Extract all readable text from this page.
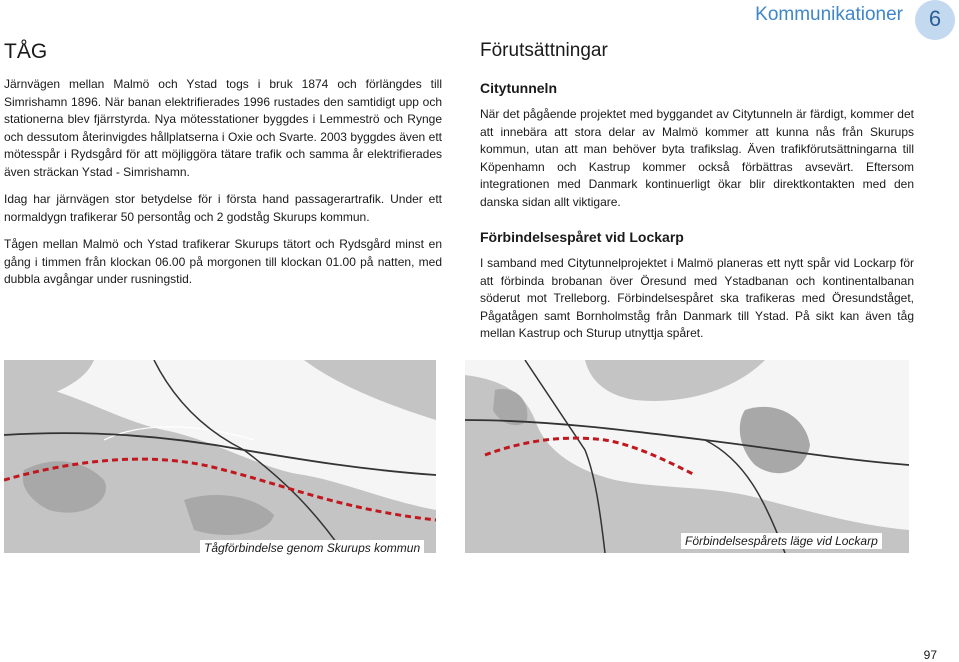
Kommunikationer	6
TÅG

Järnvägen mellan Malmö och Ystad togs i bruk 1874 och förlängdes till Simrishamn 1896. När banan elektrifierades 1996 rustades den samtidigt upp och stationerna blev fjärrstyrda. Nya mötesstationer byggdes i Lemmeströ och Rynge och dessutom återinvigdes hållplatserna i Oxie och Svarte. 2003 byggdes även ett mötesspår i Rydsgård för att möjliggöra tätare trafik och samma år elektrifierades även sträckan Ystad - Simrishamn.

Idag har järnvägen stor betydelse för i första hand passagerartrafik. Under ett normaldygn trafikerar 50 persontåg och 2 godståg Skurups kommun.

Tågen mellan Malmö och Ystad trafikerar Skurups tätort och Rydsgård minst en gång i timmen från klockan 06.00 på morgonen till klockan 01.00 på natten, med dubbla avgångar under rusningstid.

Förutsättningar
Citytunneln

När det pågående projektet med byggandet av Citytunneln är färdigt, kommer det att innebära att stora delar av Malmö kommer att kunna nås från Skurups kommun, utan att man behöver byta trafikslag. Även trafikförutsättningarna till Köpenhamn och Kastrup kommer också förbättras avsevärt. Eftersom integrationen med Danmark kontinuerligt ökar blir direktkontakten med den danska sidan allt viktigare.

Förbindelsespåret vid Lockarp

I samband med Citytunnelprojektet i Malmö planeras ett nytt spår vid Lockarp för att förbinda brobanan över Öresund med Ystadbanan och kontinentalbanan söderut mot Trelleborg. Förbindelsespåret ska trafikeras med Öresundståget, Pågatågen samt Bornholmståg från Danmark till Ystad. På sikt kan även tåg mellan Kastrup och Sturup utnyttja spåret.

Tågförbindelse genom Skurups kommun	Förbindelsespårets läge vid Lockarp
97
